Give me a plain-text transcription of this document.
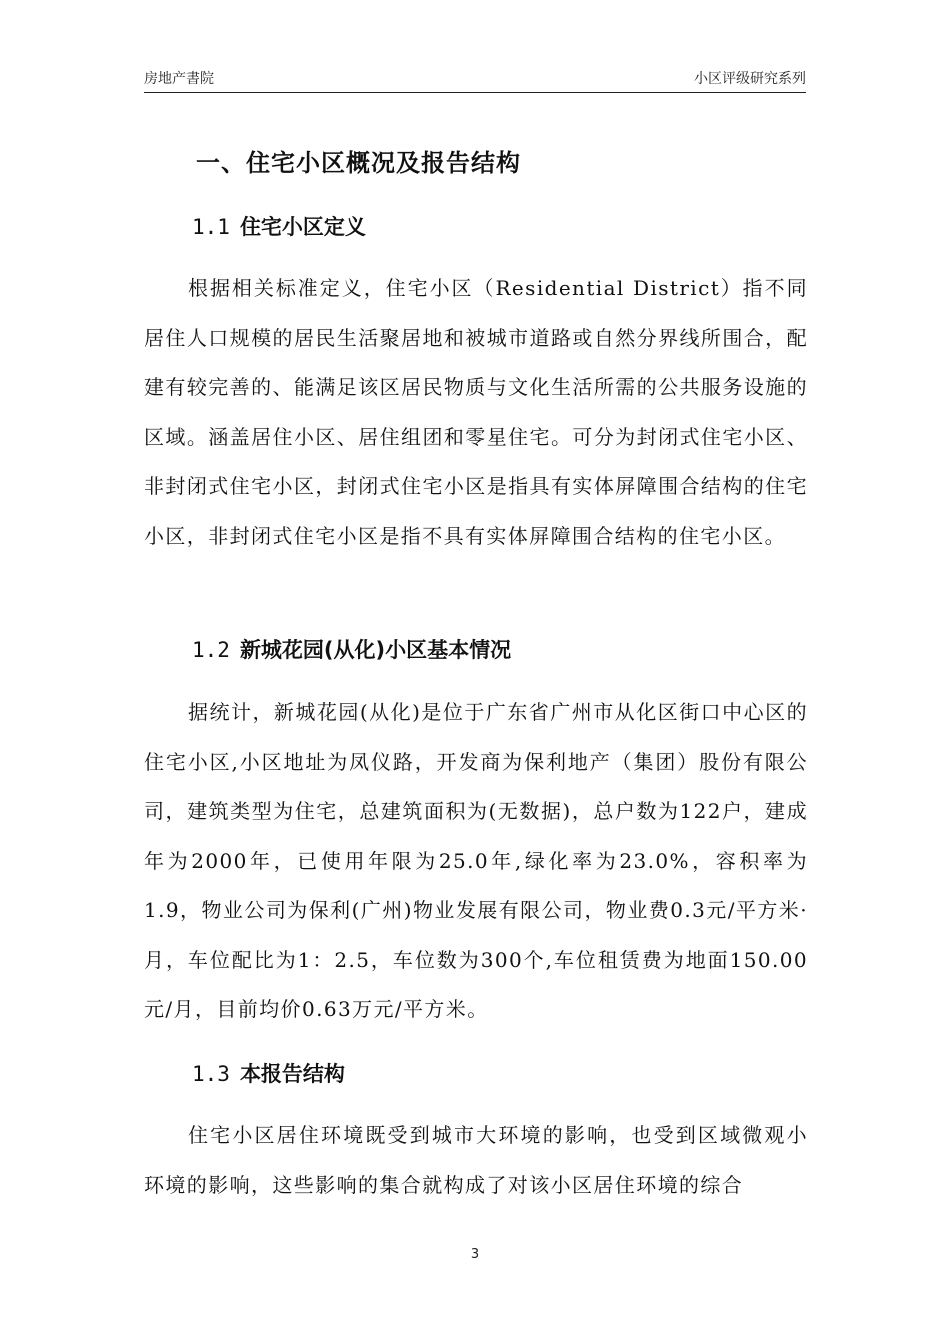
房地产書院	小区评级研究系列
一、住宅小区概况及报告结构
1.1 住宅小区定义

根据相关标准定义，住宅小区（Residential District）指不同居住人口规模的居民生活聚居地和被城市道路或自然分界线所围合，配建有较完善的、能满足该区居民物质与文化生活所需的公共服务设施的区域。涵盖居住小区、居住组团和零星住宅。可分为封闭式住宅小区、非封闭式住宅小区，封闭式住宅小区是指具有实体屏障围合结构的住宅小区，非封闭式住宅小区是指不具有实体屏障围合结构的住宅小区。

1.2 新城花园(从化)小区基本情况

据统计，新城花园(从化)是位于广东省广州市从化区街口中心区的住宅小区,小区地址为凤仪路，开发商为保利地产（集团）股份有限公司，建筑类型为住宅，总建筑面积为(无数据)，总户数为122户，建成年为2000年，已使用年限为25.0年,绿化率为23.0%，容积率为1.9，物业公司为保利(广州)物业发展有限公司，物业费0.3元/平方米·月，车位配比为1：2.5，车位数为300个,车位租赁费为地面150.00元/月，目前均价0.63万元/平方米。

1.3 本报告结构

住宅小区居住环境既受到城市大环境的影响，也受到区域微观小环境的影响，这些影响的集合就构成了对该小区居住环境的综合

3
